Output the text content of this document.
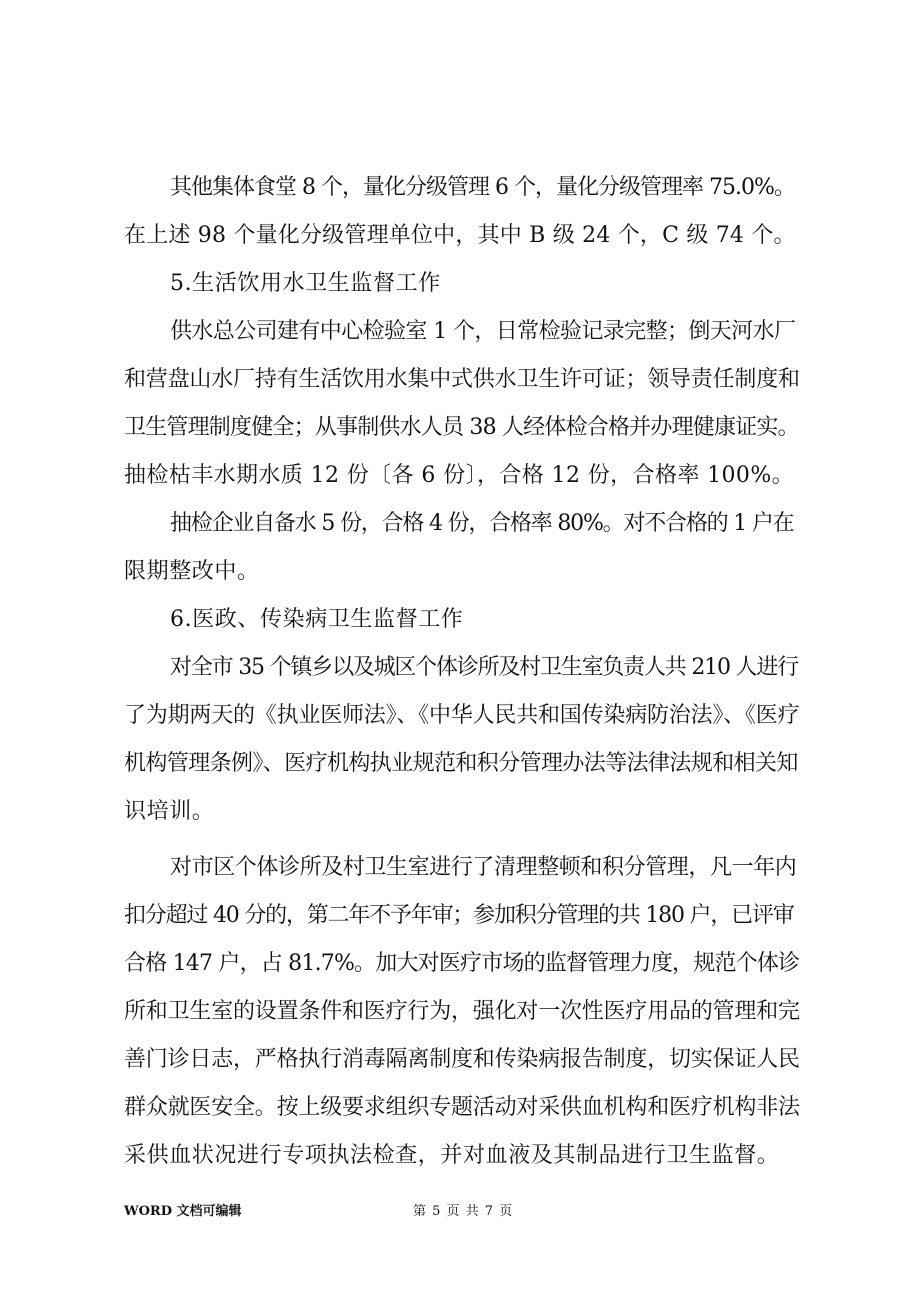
其他集体食堂 8 个，量化分级管理 6 个，量化分级管理率 75.0%。
在上述 98 个量化分级管理单位中，其中 B 级 24 个，C 级 74 个。
5.生活饮用水卫生监督工作
供水总公司建有中心检验室 1 个，日常检验记录完整；倒天河水厂
和营盘山水厂持有生活饮用水集中式供水卫生许可证；领导责任制度和
卫生管理制度健全；从事制供水人员 38 人经体检合格并办理健康证实。
抽检枯丰水期水质 12 份〔各 6 份〕，合格 12 份，合格率 100%。
抽检企业自备水 5 份，合格 4 份，合格率 80%。对不合格的 1 户在
限期整改中。
6.医政、传染病卫生监督工作
对全市 35 个镇乡以及城区个体诊所及村卫生室负责人共 210 人进行
了为期两天的《执业医师法》、《中华人民共和国传染病防治法》、《医疗
机构管理条例》、医疗机构执业规范和积分管理办法等法律法规和相关知
识培训。
对市区个体诊所及村卫生室进行了清理整顿和积分管理，凡一年内
扣分超过 40 分的，第二年不予年审；参加积分管理的共 180 户，已评审
合格 147 户，占 81.7%。加大对医疗市场的监督管理力度，规范个体诊
所和卫生室的设置条件和医疗行为，强化对一次性医疗用品的管理和完
善门诊日志，严格执行消毒隔离制度和传染病报告制度，切实保证人民
群众就医安全。按上级要求组织专题活动对采供血机构和医疗机构非法
采供血状况进行专项执法检查，并对血液及其制品进行卫生监督。
WORD 文档可编辑	第 5 页 共 7 页
